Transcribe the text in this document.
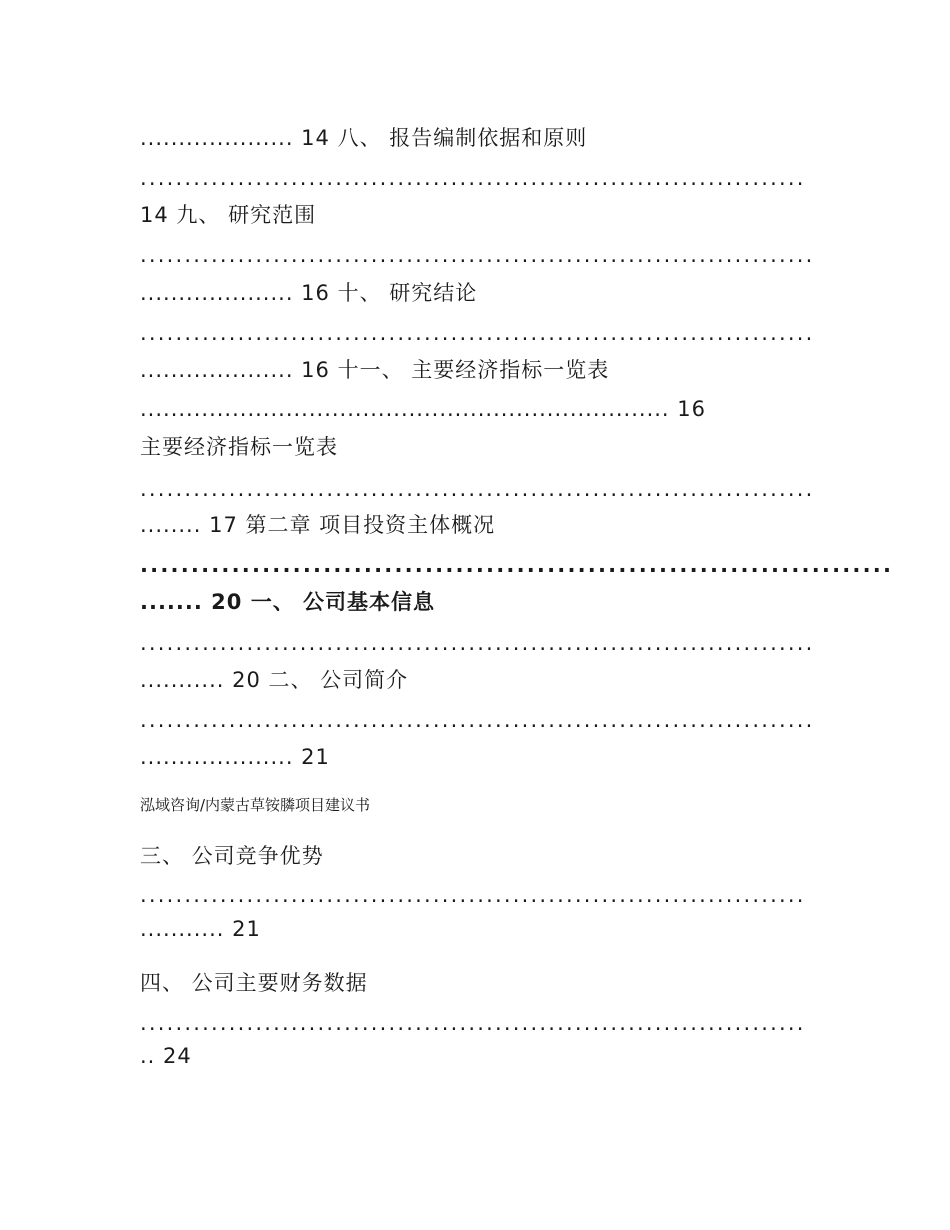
.................... 14 八、 报告编制依据和原则
...........................................................................
14 九、 研究范围
............................................................................
.................... 16 十、 研究结论
............................................................................
.................... 16 十一、 主要经济指标一览表
..................................................................... 16
主要经济指标一览表
............................................................................
........ 17 第二章 项目投资主体概况
..........................................................................
....... 20 一、 公司基本信息
............................................................................
........... 20 二、 公司简介
............................................................................
.................... 21
泓域咨询/内蒙古草铵膦项目建议书
三、 公司竞争优势
...........................................................................
........... 21
四、 公司主要财务数据
...........................................................................
.. 24
